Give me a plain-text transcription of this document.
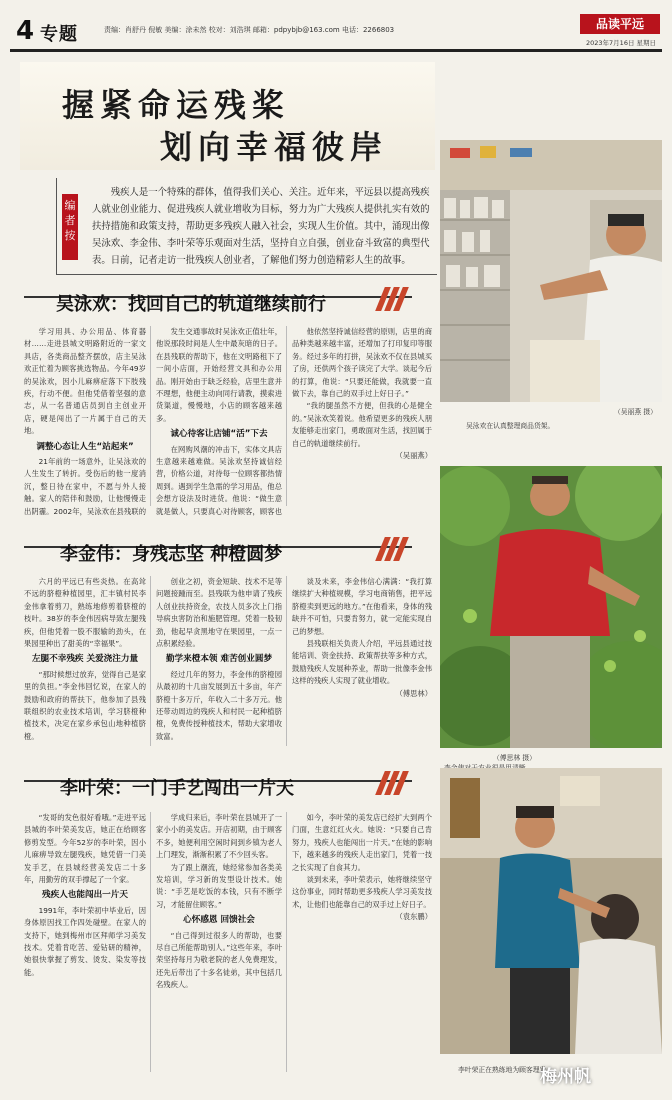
4 专题	责编：肖舒丹 倪敏 美编：涂未然 校对：刘浩琪 邮箱：pdpybjb@163.com 电话：2266803	品读平远
2023年7月16日 星期日
握紧命运残桨
划向幸福彼岸
编者按
残疾人是一个特殊的群体，值得我们关心、关注。近年来，平远县以提高残疾人就业创业能力、促进残疾人就业增收为目标，努力为广大残疾人提供扎实有效的扶持措施和政策支持，帮助更多残疾人融入社会，实现人生价值。其中，涌现出像吴泳欢、李金伟、李叶荣等乐观面对生活，坚持自立自强，创业奋斗致富的典型代表。日前，记者走访一批残疾人创业者，了解他们努力创造精彩人生的故事。
吴泳欢在认真整理商品货架。
（吴丽燕 摄）
（傅思林 摄）
李叶荣正在熟练地为顾客理发。
吴泳欢：找回自己的轨道继续前行

学习用具、办公用品、体育器材……走进县城文明路附近的一家文具店，各类商品整齐摆放，店主吴泳欢正忙着为顾客挑选物品。今年49岁的吴泳欢，因小儿麻痹症落下下肢残疾，行动不便。但他凭借着坚强的意志，从一名普通店员到自主创业开店，硬是闯出了一片属于自己的天地。

调整心态让人生“站起来”

21年前的一场意外，让吴泳欢的人生发生了转折。受伤后的他一度消沉，整日待在家中，不愿与外人接触。家人的陪伴和鼓励，让他慢慢走出阴霾。2002年，吴泳欢在县残联的

发生交通事故时吴泳欢正值壮年，他说那段时间是人生中最灰暗的日子。在县残联的帮助下，他在文明路租下了一间小店面，开始经营文具和办公用品。刚开始由于缺乏经验，店里生意并不理想，他便主动向同行请教，摸索进货渠道，慢慢地，小店的顾客越来越多。

诚心待客让店铺“活”下去

在网购风潮的冲击下，实体文具店生意越来越难做。吴泳欢坚持诚信经营，价格公道，对待每一位顾客都热情周到。遇到学生急需的学习用品，他总会想方设法及时进货。他说：“做生意就是做人，只要真心对待顾客，顾客也

他依然坚持诚信经营的原则，店里的商品种类越来越丰富，还增加了打印复印等服务。经过多年的打拼，吴泳欢不仅在县城买了房，还供两个孩子读完了大学。谈起今后的打算，他说：“只要还能做，我就要一直做下去，靠自己的双手过上好日子。”

“我的腿虽然不方便，但我的心是健全的。”吴泳欢笑着说。他希望更多的残疾人朋友能够走出家门，勇敢面对生活，找回属于自己的轨道继续前行。

（吴丽燕）

李金伟：身残志坚 种橙圆梦

六月的平远已有些炎热。在高耸不远的脐橙种植园里，汇丰镇村民李金伟拿着剪刀，熟练地修剪着脐橙的枝叶。38岁的李金伟因病导致左腿残疾，但他凭着一股不服输的劲头，在果园里种出了甜美的“幸福果”。

左腿不幸残疾 关爱浇注力量

“那时候想过放弃，觉得自己是家里的负担。”李金伟回忆说，在家人的鼓励和政府的帮扶下，他参加了县残联组织的农业技术培训，学习脐橙种植技术，决定在家乡承包山地种植脐橙。

创业之初，资金短缺、技术不足等问题接踵而至。县残联为他申请了残疾人创业扶持资金，农技人员多次上门指导病虫害防治和施肥管理。凭着一股韧劲，他起早贪黑地守在果园里，一点一点积累经验。

勤学来橙本领 难苦创业圆梦

经过几年的努力，李金伟的脐橙园从最初的十几亩发展到五十多亩，年产脐橙十多万斤，年收入二十多万元。他还带动周边的残疾人和村民一起种植脐橙，免费传授种植技术，帮助大家增收致富。

谈及未来，李金伟信心满满：“我打算继续扩大种植规模，学习电商销售，把平远脐橙卖到更远的地方。”在他看来，身体的残缺并不可怕，只要肯努力，就一定能实现自己的梦想。

县残联相关负责人介绍，平远县通过技能培训、资金扶持、政策帮扶等多种方式，鼓励残疾人发展种养业，帮助一批像李金伟这样的残疾人实现了就业增收。

（傅思林）

李叶荣：一门手艺闯出一片天

“发哥的发色很好看哦。”走进平远县城的李叶荣美发店，她正在给顾客修剪发型。今年52岁的李叶荣，因小儿麻痹导致左腿残疾，她凭借一门美发手艺，在县城经营美发店二十多年，用勤劳的双手撑起了一个家。

残疾人也能闯出一片天

1991年，李叶荣初中毕业后，因身体原因找工作四处碰壁。在家人的支持下，她到梅州市区拜师学习美发技术。凭着肯吃苦、爱钻研的精神，她很快掌握了剪发、烫发、染发等技能。

学成归来后，李叶荣在县城开了一家小小的美发店。开店初期，由于顾客不多，她便利用空闲时间到乡镇为老人上门理发，渐渐积累了不少回头客。

为了跟上潮流，她经常参加各类美发培训，学习新的发型设计技术。她说：“手艺是吃饭的本钱，只有不断学习，才能留住顾客。”

心怀感恩 回馈社会

“自己得到过很多人的帮助，也要尽自己所能帮助别人。”这些年来，李叶荣坚持每月为敬老院的老人免费理发，还先后带出了十多名徒弟，其中包括几名残疾人。

如今，李叶荣的美发店已经扩大到两个门面，生意红红火火。她说：“只要自己肯努力，残疾人也能闯出一片天。”在她的影响下，越来越多的残疾人走出家门，凭着一技之长实现了自食其力。

谈到未来，李叶荣表示，她将继续坚守这份事业，同时帮助更多残疾人学习美发技术，让他们也能靠自己的双手过上好日子。

（袁东鹏）

梅州帆
